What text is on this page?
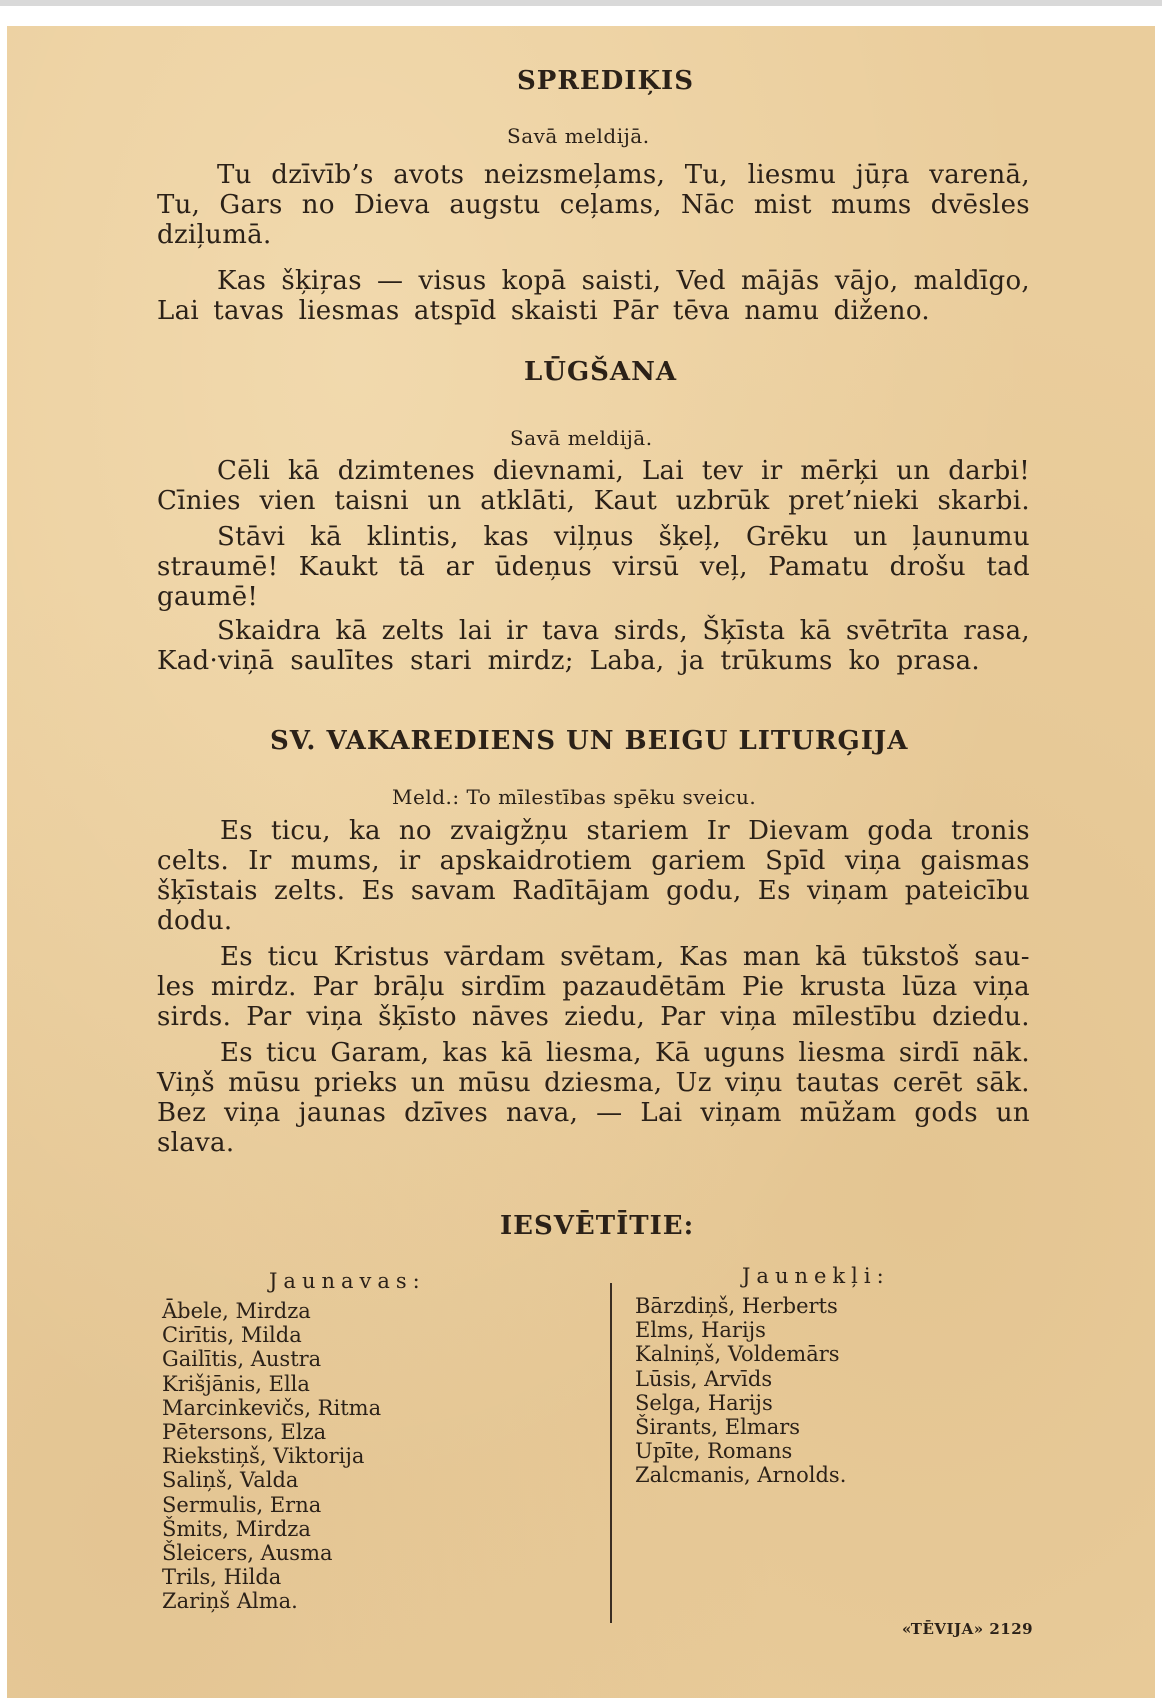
SPREDIĶIS
Savā meldijā.
Tu dzīvīb’s avots neizsmeļams, Tu, liesmu jūŗa varenā,
Tu, Gars no Dieva augstu ceļams, Nāc mist mums dvēsles
dziļumā.
Kas šķiŗas — visus kopā saisti, Ved mājās vājo, maldīgo,
Lai tavas liesmas atspīd skaisti Pār tēva namu diženo.
LŪGŠANA
Savā meldijā.
Cēli kā dzimtenes dievnami, Lai tev ir mērķi un darbi!
Cīnies vien taisni un atklāti, Kaut uzbrūk pret’nieki skarbi.
Stāvi kā klintis, kas viļņus šķeļ, Grēku un ļaunumu
straumē! Kaukt tā ar ūdeņus virsū veļ, Pamatu drošu tad
gaumē!
Skaidra kā zelts lai ir tava sirds, Šķīsta kā svētrīta rasa,
Kad·viņā saulītes stari mirdz; Laba, ja trūkums ko prasa.
SV. VAKAREDIENS UN BEIGU LITURĢIJA
Meld.: To mīlestības spēku sveicu.
Es ticu, ka no zvaigžņu stariem Ir Dievam goda tronis
celts. Ir mums, ir apskaidrotiem gariem Spīd viņa gaismas
šķīstais zelts. Es savam Radītājam godu, Es viņam pateicību
dodu.
Es ticu Kristus vārdam svētam, Kas man kā tūkstoš sau-
les mirdz. Par brāļu sirdīm pazaudētām Pie krusta lūza viņa
sirds. Par viņa šķīsto nāves ziedu, Par viņa mīlestību dziedu.
Es ticu Garam, kas kā liesma, Kā uguns liesma sirdī nāk.
Viņš mūsu prieks un mūsu dziesma, Uz viņu tautas cerēt sāk.
Bez viņa jaunas dzīves nava, — Lai viņam mūžam gods un
slava.
IESVĒTĪTIE:
Jaunavas:	Jaunekļi:
Ābele, Mirdza
Cirītis, Milda
Gailītis, Austra
Krišjānis, Ella
Marcinkevičs, Ritma
Pētersons, Elza
Riekstiņš, Viktorija
Saliņš, Valda
Sermulis, Erna
Šmits, Mirdza
Šleicers, Ausma
Trils, Hilda
Zariņš Alma.
Bārzdiņš, Herberts
Elms, Harijs
Kalniņš, Voldemārs
Lūsis, Arvīds
Selga, Harijs
Širants, Elmars
Upīte, Romans
Zalcmanis, Arnolds.
«TĒVIJA» 2129
